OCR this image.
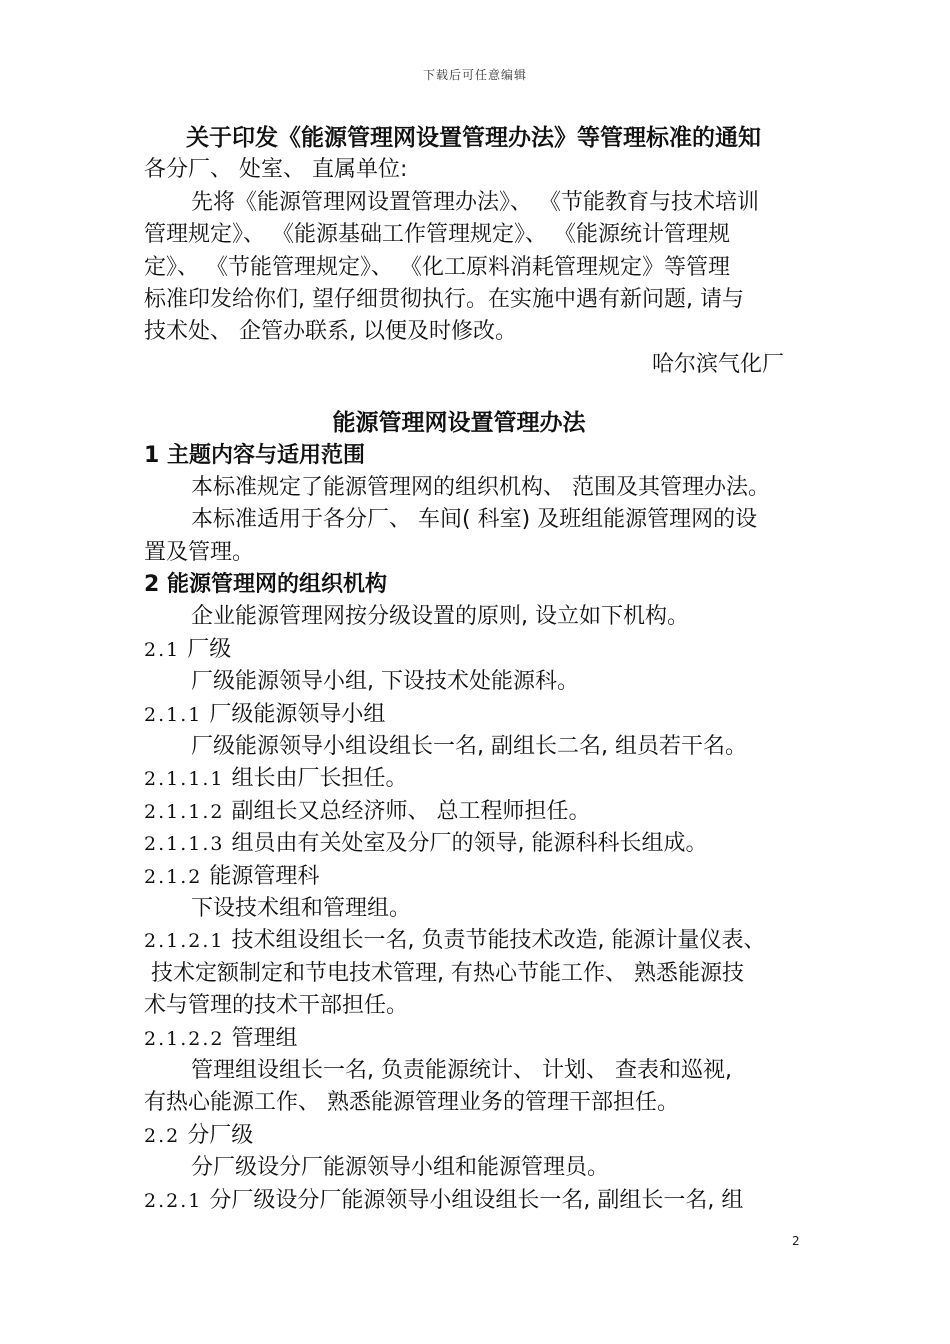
下载后可任意编辑
关于印发《能源管理网设置管理办法》等管理标准的通知
各分厂、 处室、 直属单位:
先将《能源管理网设置管理办法》、 《节能教育与技术培训
管理规定》、 《能源基础工作管理规定》、 《能源统计管理规
定》、 《节能管理规定》、 《化工原料消耗管理规定》等管理
标准印发给你们, 望仔细贯彻执行。在实施中遇有新问题, 请与
技术处、 企管办联系, 以便及时修改。
哈尔滨气化厂
能源管理网设置管理办法
1 主题内容与适用范围
本标准规定了能源管理网的组织机构、 范围及其管理办法。
本标准适用于各分厂、 车间( 科室) 及班组能源管理网的设
置及管理。
2 能源管理网的组织机构
企业能源管理网按分级设置的原则, 设立如下机构。
2.1 厂级
厂级能源领导小组, 下设技术处能源科。
2.1.1 厂级能源领导小组
厂级能源领导小组设组长一名, 副组长二名, 组员若干名。
2.1.1.1 组长由厂长担任。
2.1.1.2 副组长又总经济师、 总工程师担任。
2.1.1.3 组员由有关处室及分厂的领导, 能源科科长组成。
2.1.2 能源管理科
下设技术组和管理组。
2.1.2.1 技术组设组长一名, 负责节能技术改造, 能源计量仪表、
技术定额制定和节电技术管理, 有热心节能工作、 熟悉能源技
术与管理的技术干部担任。
2.1.2.2 管理组
管理组设组长一名, 负责能源统计、 计划、 查表和巡视,
有热心能源工作、 熟悉能源管理业务的管理干部担任。
2.2 分厂级
分厂级设分厂能源领导小组和能源管理员。
2.2.1 分厂级设分厂能源领导小组设组长一名, 副组长一名, 组
2
